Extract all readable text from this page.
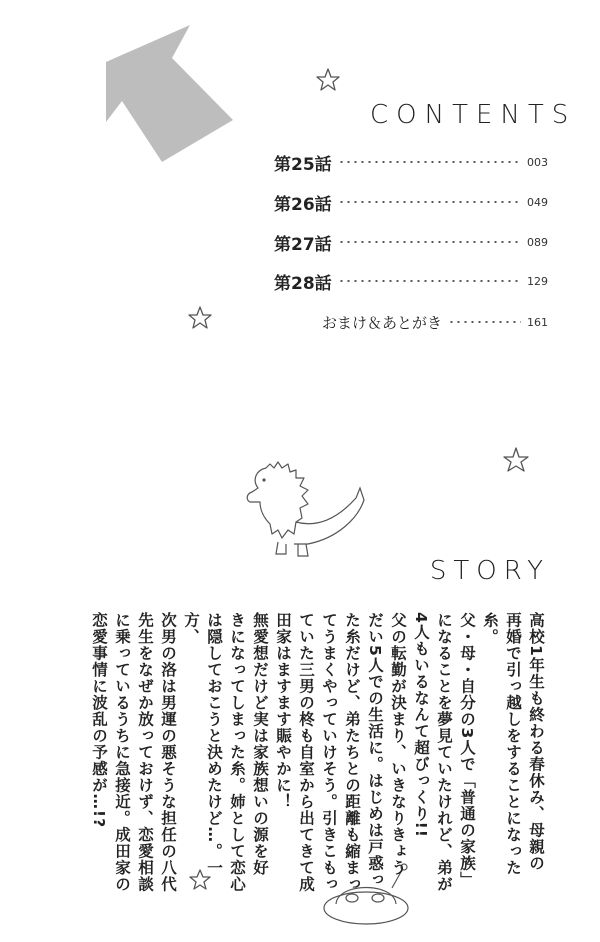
CONTENTS
第25話	003
第26話	049
第27話	089
第28話	129
おまけ＆あとがき	161
STORY

高校1年生も終わる春休み、母親の

再婚で引っ越しをすることになった糸。

父・母・自分の3人で「普通の家族」

になることを夢見ていたけれど、弟が

4人もいるなんて超びっくり!!

父の転勤が決まり、いきなりきょう

だい5人での生活に。はじめは戸惑っ

た糸だけど、弟たちとの距離も縮まっ

てうまくやっていけそう。引きこもっ

ていた三男の柊も自室から出てきて成

田家はますます賑やかに！

無愛想だけど実は家族想いの源を好

きになってしまった糸。姉として恋心

は隠しておこうと決めたけど…。一方、

次男の洛は男運の悪そうな担任の八代

先生をなぜか放っておけず、恋愛相談

に乗っているうちに急接近。成田家の

恋愛事情に波乱の予感が…!?
